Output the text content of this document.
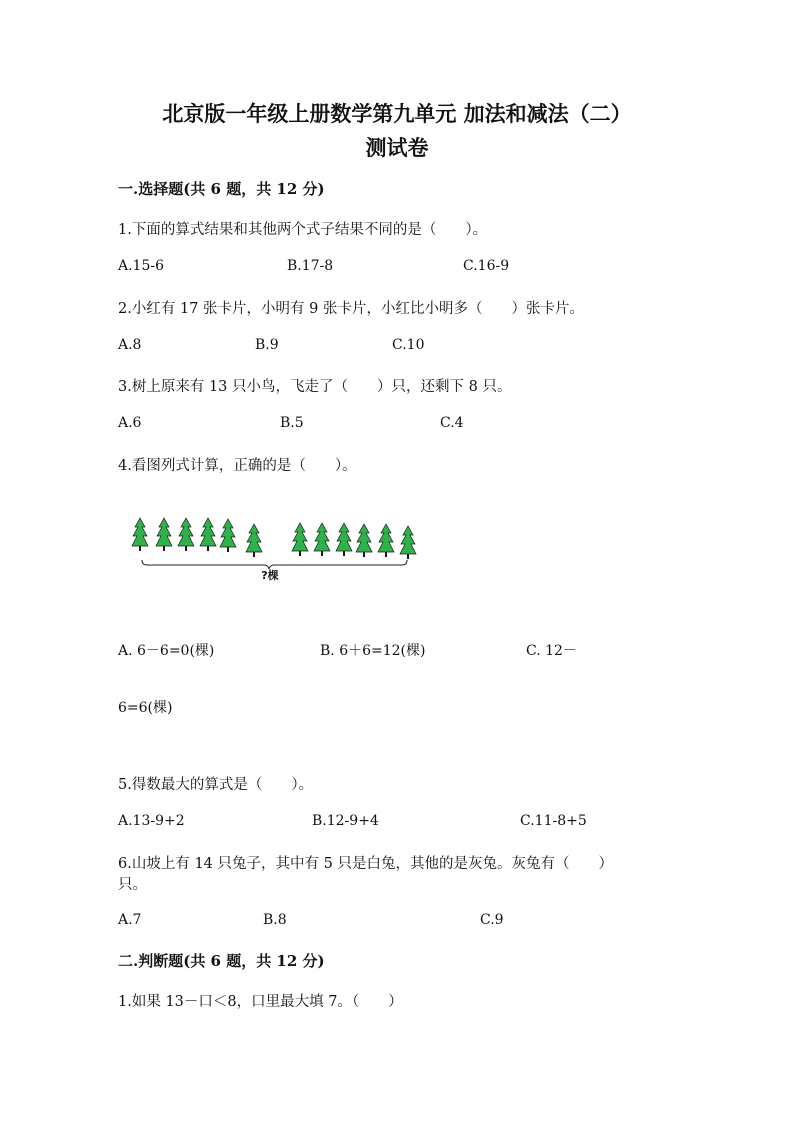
北京版一年级上册数学第九单元 加法和减法（二）
测试卷
一.选择题(共 6 题，共 12 分)
1.下面的算式结果和其他两个式子结果不同的是（　　）。
A.15-6	B.17-8	C.16-9
2.小红有 17 张卡片，小明有 9 张卡片，小红比小明多（　　）张卡片。
A.8	B.9	C.10
3.树上原来有 13 只小鸟，飞走了（　　）只，还剩下 8 只。
A.6	B.5	C.4
4.看图列式计算，正确的是（　　）。
?棵
A. 6－6=0(棵)	B. 6＋6=12(棵)	C. 12－
6=6(棵)
5.得数最大的算式是（　　）。
A.13-9+2	B.12-9+4	C.11-8+5
6.山坡上有 14 只兔子，其中有 5 只是白兔，其他的是灰兔。灰兔有（　　）
只。
A.7	B.8	C.9
二.判断题(共 6 题，共 12 分)
1.如果 13－口＜8，口里最大填 7。（　　）
